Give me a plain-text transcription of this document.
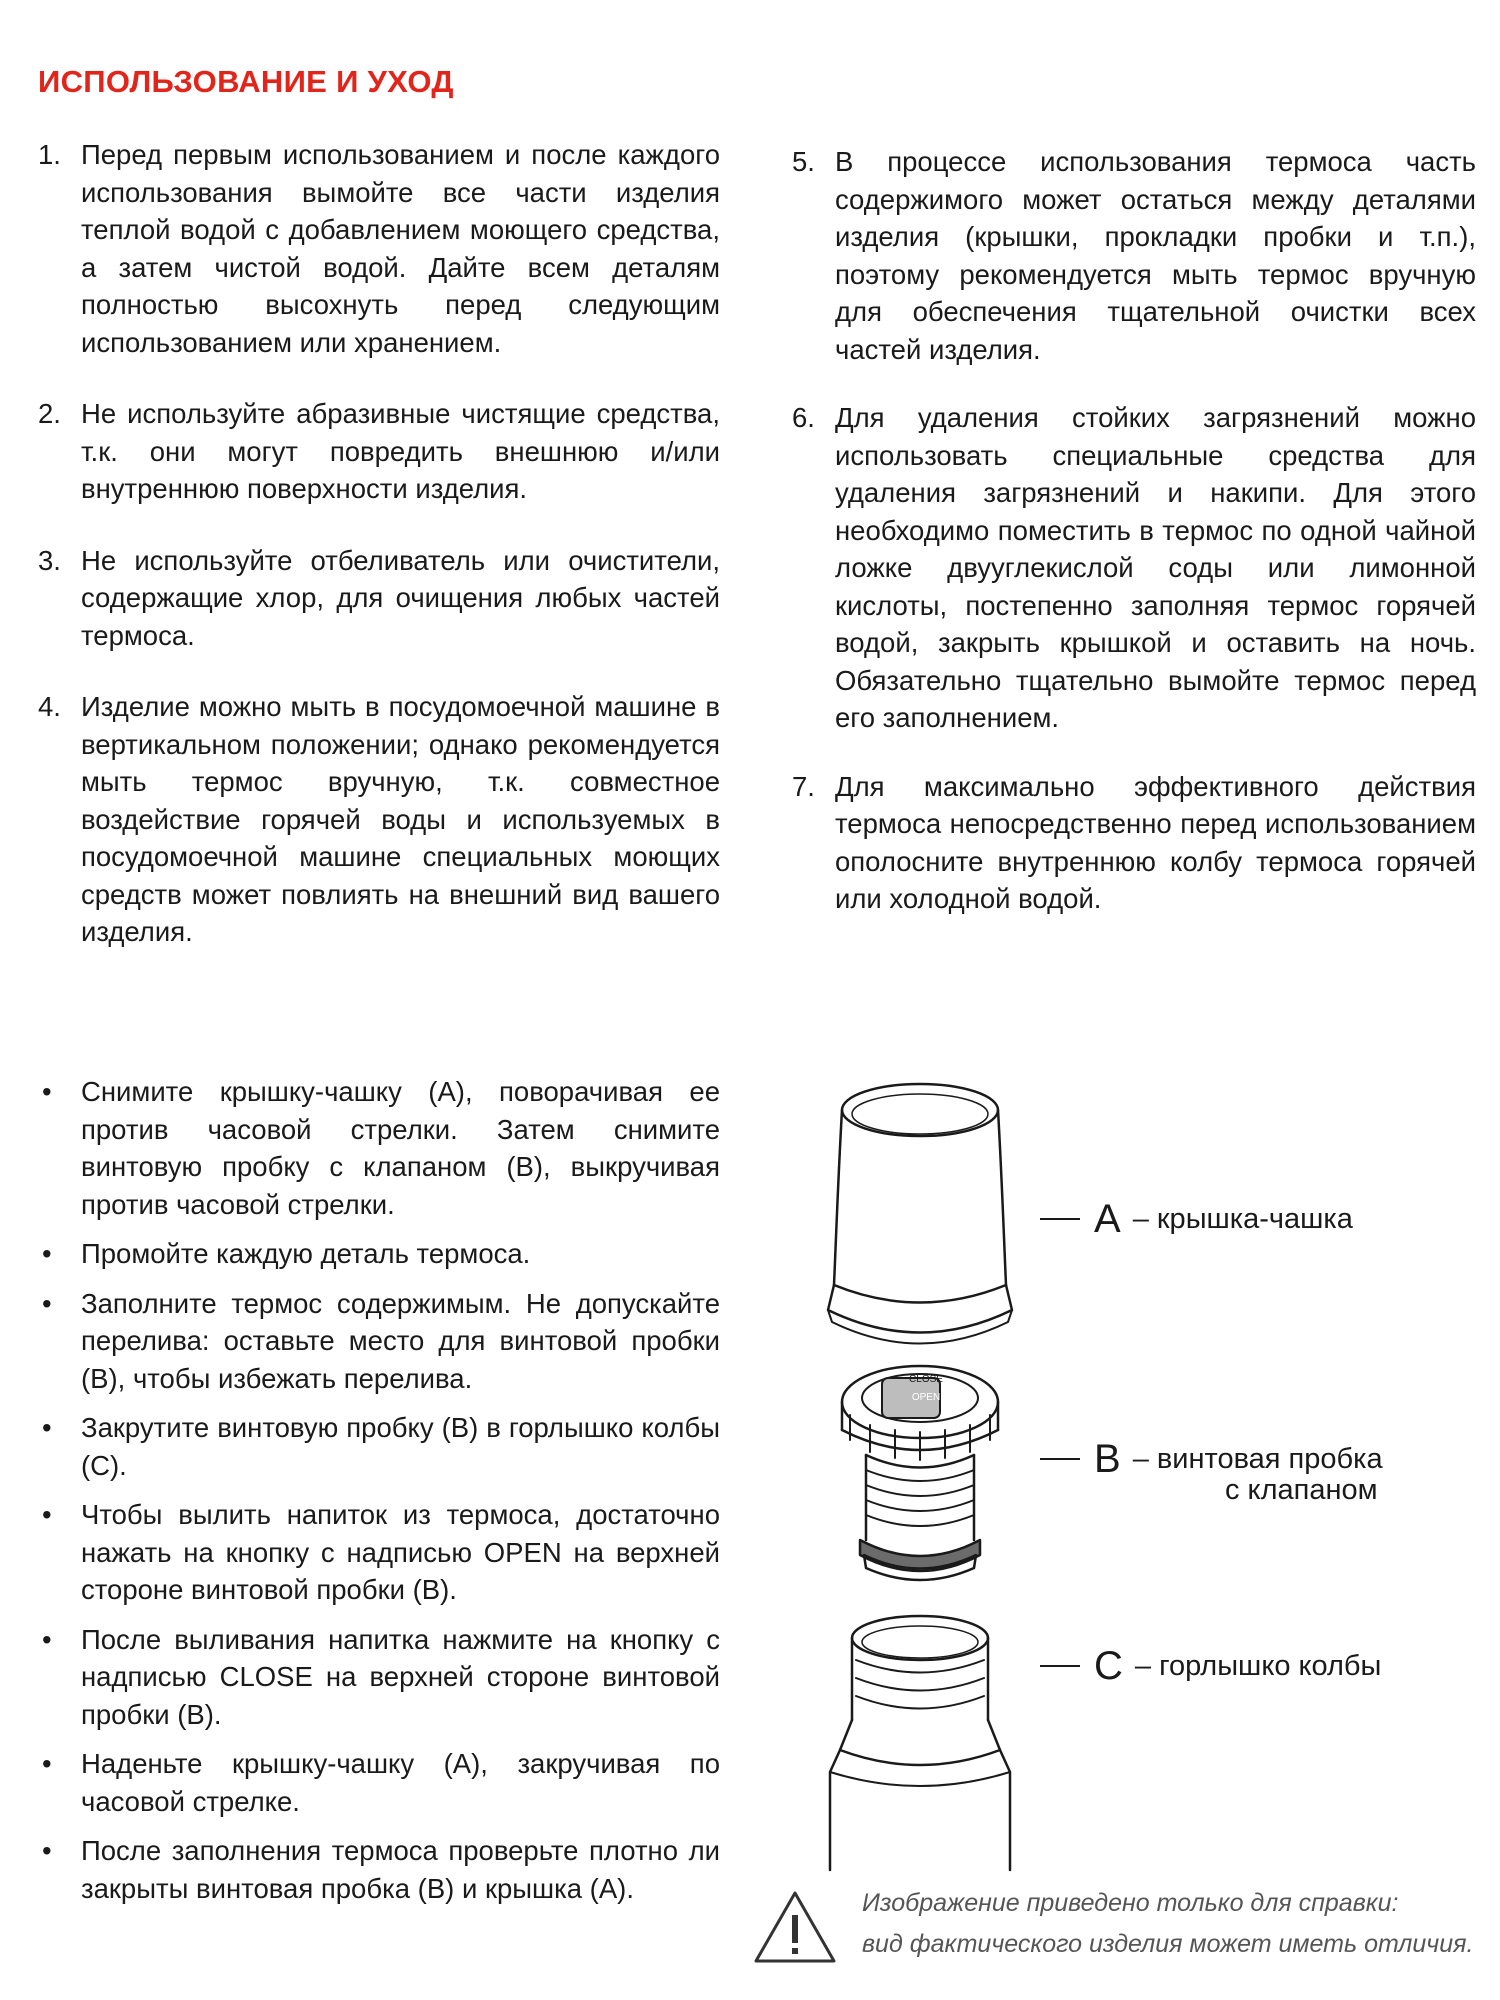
ИСПОЛЬЗОВАНИЕ И УХОД
1. Перед первым использованием и после каждого использования вымойте все части изделия теплой водой с добавлением моющего средства, а затем чистой водой. Дайте всем деталям полностью высохнуть перед следующим использованием или хранением.
2. Не используйте абразивные чистящие средства, т.к. они могут повредить внешнюю и/или внутреннюю поверхности изделия.
3. Не используйте отбеливатель или очистители, содержащие хлор, для очищения любых частей термоса.
4. Изделие можно мыть в посудомоечной машине в вертикальном положении; однако рекомендуется мыть термос вручную, т.к. совместное воздействие горячей воды и используемых в посудомоечной машине специальных моющих средств может повлиять на внешний вид вашего изделия.
5. В процессе использования термоса часть содержимого может остаться между деталями изделия (крышки, прокладки пробки и т.п.), поэтому рекомендуется мыть термос вручную для обеспечения тщательной очистки всех частей изделия.
6. Для удаления стойких загрязнений можно использовать специальные средства для удаления загрязнений и накипи. Для этого необходимо поместить в термос по одной чайной ложке двууглекислой соды или лимонной кислоты, постепенно заполняя термос горячей водой, закрыть крышкой и оставить на ночь. Обязательно тщательно вымойте термос перед его заполнением.
7. Для максимально эффективного действия термоса непосредственно перед использованием ополосните внутреннюю колбу термоса горячей или холодной водой.
• Снимите крышку-чашку (А), поворачивая ее против часовой стрелки. Затем снимите винтовую пробку с клапаном (В), выкручивая против часовой стрелки.
• Промойте каждую деталь термоса.
• Заполните термос содержимым. Не допускайте перелива: оставьте место для винтовой пробки (В), чтобы избежать перелива.
• Закрутите винтовую пробку (В) в горлышко колбы (С).
• Чтобы вылить напиток из термоса, достаточно нажать на кнопку с надписью OPEN на верхней стороне винтовой пробки (В).
• После выливания напитка нажмите на кнопку с надписью CLOSE на верхней стороне винтовой пробки (В).
• Наденьте крышку-чашку (А), закручивая по часовой стрелке.
• После заполнения термоса проверьте плотно ли закрыты винтовая пробка (В) и крышка (А).
CLOSE
OPEN
A – крышка-чашка
B – винтовая пробка
с клапаном
C – горлышко колбы
Изображение приведено только для справки:
вид фактического изделия может иметь отличия.
